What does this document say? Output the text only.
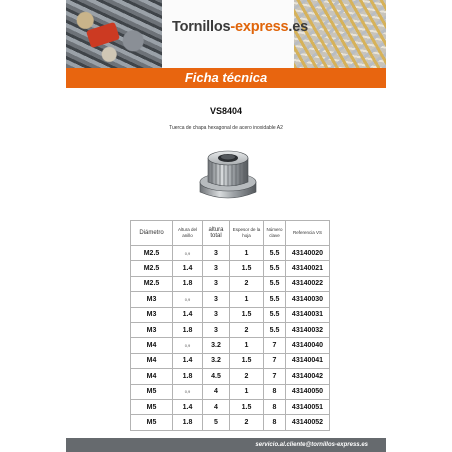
Tornillos-express.es
Ficha técnica
VS8404
Tuerca de chapa hexagonal de acero inoxidable A2
Diámetro	Altura del anillo	altura total	Espesor de la hoja	Número clave	Referencia VS
M2.5	0,9	3	1	5.5	43140020
M2.5	1.4	3	1.5	5.5	43140021
M2.5	1.8	3	2	5.5	43140022
M3	0,9	3	1	5.5	43140030
M3	1.4	3	1.5	5.5	43140031
M3	1.8	3	2	5.5	43140032
M4	0,9	3.2	1	7	43140040
M4	1.4	3.2	1.5	7	43140041
M4	1.8	4.5	2	7	43140042
M5	0,9	4	1	8	43140050
M5	1.4	4	1.5	8	43140051
M5	1.8	5	2	8	43140052
servicio.al.cliente@tornillos-express.es
